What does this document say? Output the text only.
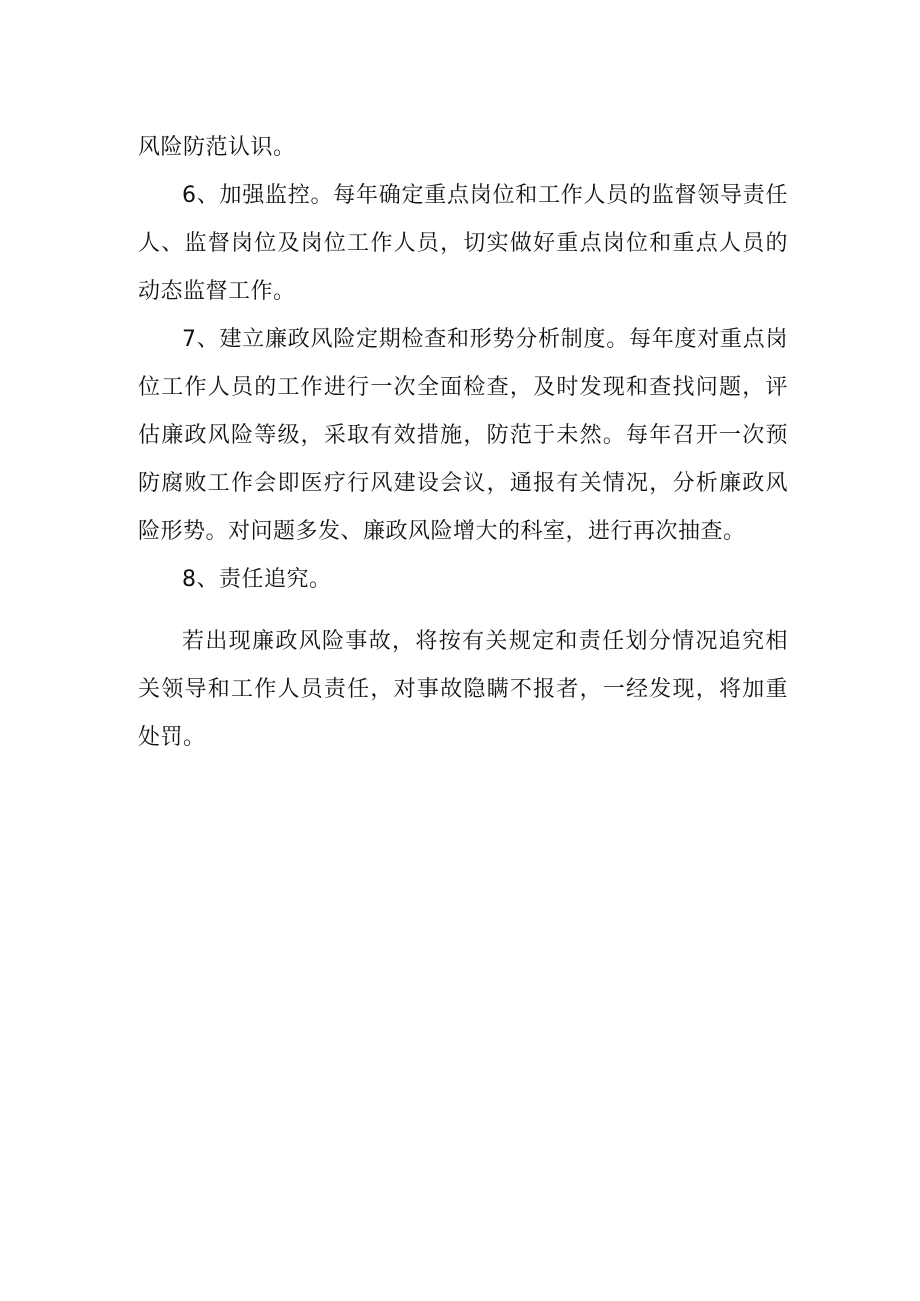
风险防范认识。

6、加强监控。每年确定重点岗位和工作人员的监督领导责任人、监督岗位及岗位工作人员，切实做好重点岗位和重点人员的动态监督工作。

7、建立廉政风险定期检查和形势分析制度。每年度对重点岗位工作人员的工作进行一次全面检查，及时发现和查找问题，评估廉政风险等级，采取有效措施，防范于未然。每年召开一次预防腐败工作会即医疗行风建设会议，通报有关情况，分析廉政风险形势。对问题多发、廉政风险增大的科室，进行再次抽查。

8、责任追究。

若出现廉政风险事故，将按有关规定和责任划分情况追究相关领导和工作人员责任，对事故隐瞒不报者，一经发现，将加重处罚。
